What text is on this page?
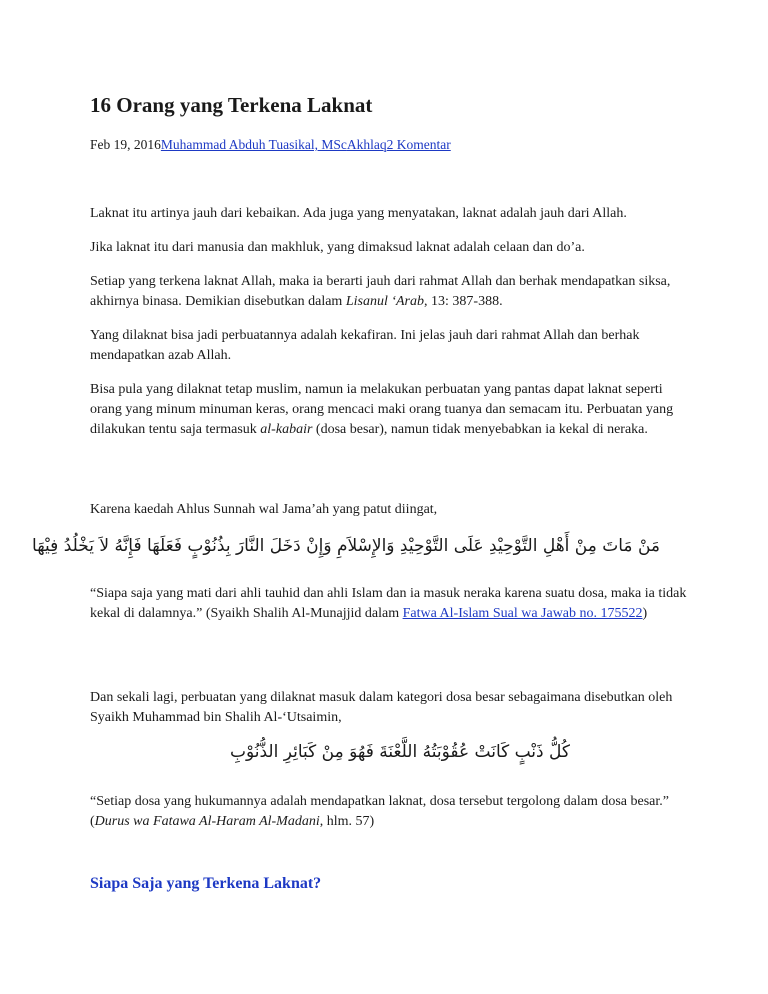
16 Orang yang Terkena Laknat
Feb 19, 2016Muhammad Abduh Tuasikal, MScAkhlaq2 Komentar

Laknat itu artinya jauh dari kebaikan. Ada juga yang menyatakan, laknat adalah jauh dari Allah.

Jika laknat itu dari manusia dan makhluk, yang dimaksud laknat adalah celaan dan do’a.

Setiap yang terkena laknat Allah, maka ia berarti jauh dari rahmat Allah dan berhak mendapatkan siksa, akhirnya binasa. Demikian disebutkan dalam Lisanul ‘Arab, 13: 387-388.

Yang dilaknat bisa jadi perbuatannya adalah kekafiran. Ini jelas jauh dari rahmat Allah dan berhak mendapatkan azab Allah.

Bisa pula yang dilaknat tetap muslim, namun ia melakukan perbuatan yang pantas dapat laknat seperti orang yang minum minuman keras, orang mencaci maki orang tuanya dan semacam itu. Perbuatan yang dilakukan tentu saja termasuk al-kabair (dosa besar), namun tidak menyebabkan ia kekal di neraka.

Karena kaedah Ahlus Sunnah wal Jama’ah yang patut diingat,

مَنْ مَاتَ مِنْ أَهْلِ التَّوْحِيْدِ عَلَى التَّوْحِيْدِ وَالإِسْلاَمِ وَإِنْ دَخَلَ النَّارَ بِذُنُوْبٍ فَعَلَهَا فَإِنَّهُ لاَ يَخْلُدُ فِيْهَا

“Siapa saja yang mati dari ahli tauhid dan ahli Islam dan ia masuk neraka karena suatu dosa, maka ia tidak kekal di dalamnya.” (Syaikh Shalih Al-Munajjid dalam Fatwa Al-Islam Sual wa Jawab no. 175522)

Dan sekali lagi, perbuatan yang dilaknat masuk dalam kategori dosa besar sebagaimana disebutkan oleh Syaikh Muhammad bin Shalih Al-‘Utsaimin,

كُلُّ ذَنْبٍ كَانَتْ عُقُوْبَتُهُ اللَّعْنَةَ فَهُوَ مِنْ كَبَائِرِ الذُّنُوْبِ

“Setiap dosa yang hukumannya adalah mendapatkan laknat, dosa tersebut tergolong dalam dosa besar.” (Durus wa Fatawa Al-Haram Al-Madani, hlm. 57)

Siapa Saja yang Terkena Laknat?
